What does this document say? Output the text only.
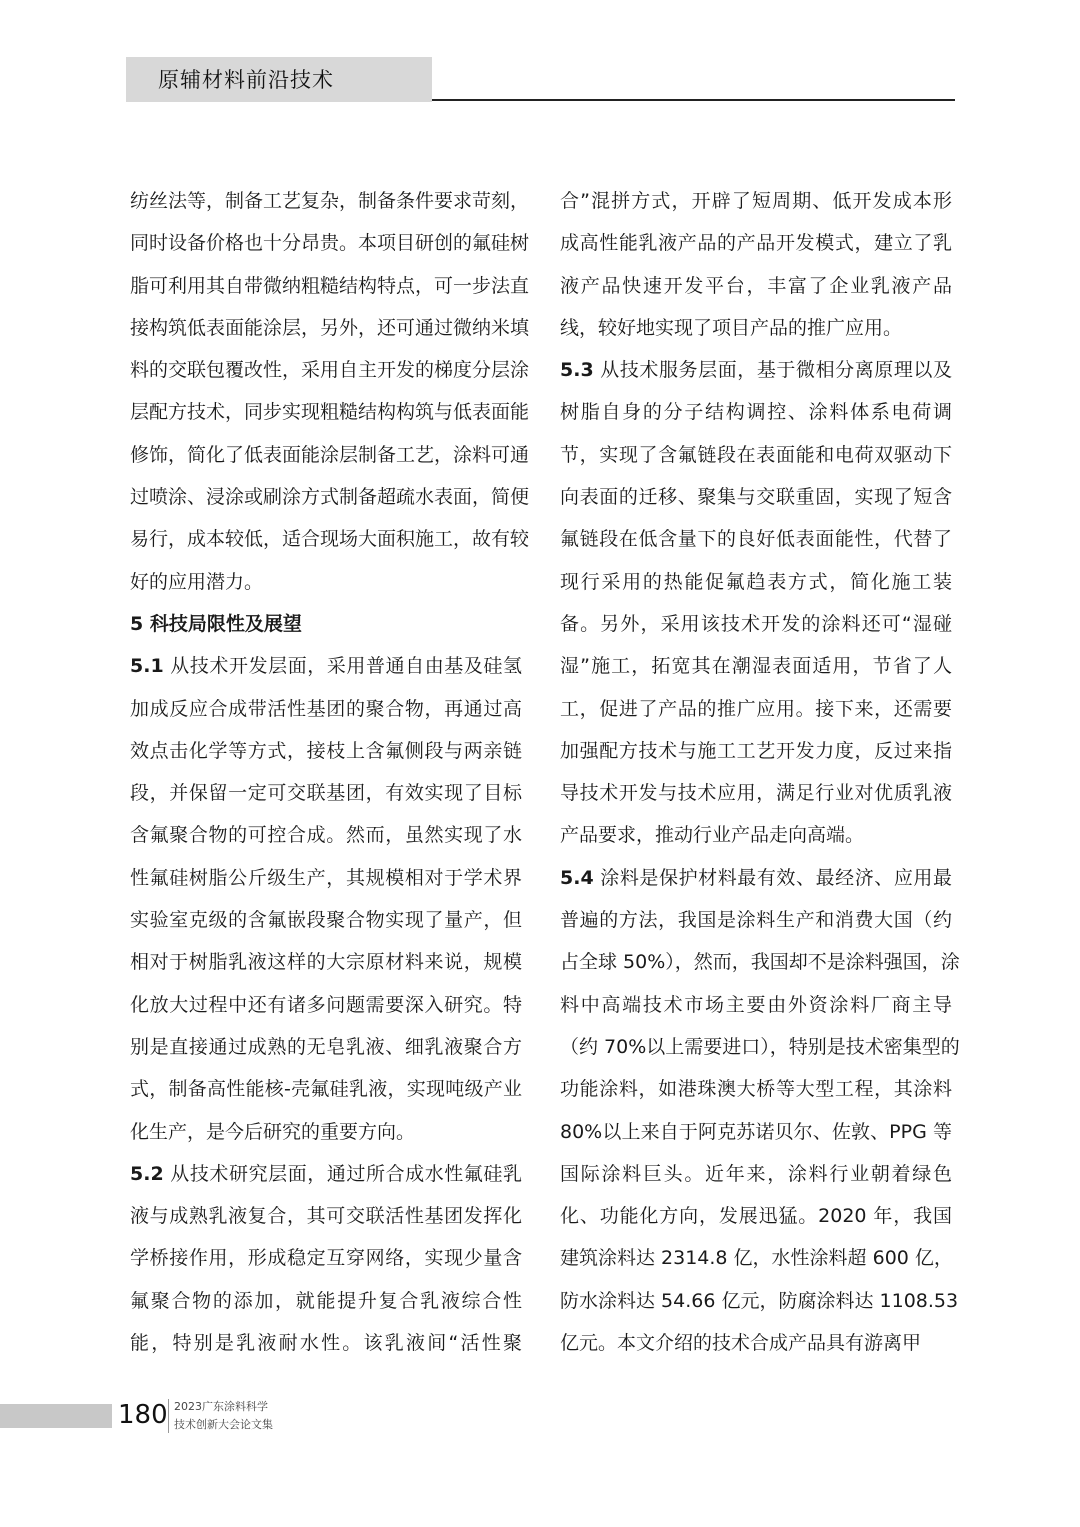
原辅材料前沿技术
纺丝法等，制备工艺复杂，制备条件要求苛刻，
同时设备价格也十分昂贵。本项目研创的氟硅树
脂可利用其自带微纳粗糙结构特点，可一步法直
接构筑低表面能涂层，另外，还可通过微纳米填
料的交联包覆改性，采用自主开发的梯度分层涂
层配方技术，同步实现粗糙结构构筑与低表面能
修饰，简化了低表面能涂层制备工艺，涂料可通
过喷涂、浸涂或刷涂方式制备超疏水表面，简便
易行，成本较低，适合现场大面积施工，故有较
好的应用潜力。
5 科技局限性及展望
5.1 从技术开发层面，采用普通自由基及硅氢
加成反应合成带活性基团的聚合物，再通过高
效点击化学等方式，接枝上含氟侧段与两亲链
段，并保留一定可交联基团，有效实现了目标
含氟聚合物的可控合成。然而，虽然实现了水
性氟硅树脂公斤级生产，其规模相对于学术界
实验室克级的含氟嵌段聚合物实现了量产，但
相对于树脂乳液这样的大宗原材料来说，规模
化放大过程中还有诸多问题需要深入研究。特
别是直接通过成熟的无皂乳液、细乳液聚合方
式，制备高性能核-壳氟硅乳液，实现吨级产业
化生产，是今后研究的重要方向。
5.2 从技术研究层面，通过所合成水性氟硅乳
液与成熟乳液复合，其可交联活性基团发挥化
学桥接作用，形成稳定互穿网络，实现少量含
氟聚合物的添加，就能提升复合乳液综合性
能，特别是乳液耐水性。该乳液间“活性聚
合”混拼方式，开辟了短周期、低开发成本形
成高性能乳液产品的产品开发模式，建立了乳
液产品快速开发平台，丰富了企业乳液产品
线，较好地实现了项目产品的推广应用。
5.3 从技术服务层面，基于微相分离原理以及
树脂自身的分子结构调控、涂料体系电荷调
节，实现了含氟链段在表面能和电荷双驱动下
向表面的迁移、聚集与交联重固，实现了短含
氟链段在低含量下的良好低表面能性，代替了
现行采用的热能促氟趋表方式，简化施工装
备。另外，采用该技术开发的涂料还可“湿碰
湿”施工，拓宽其在潮湿表面适用，节省了人
工，促进了产品的推广应用。接下来，还需要
加强配方技术与施工工艺开发力度，反过来指
导技术开发与技术应用，满足行业对优质乳液
产品要求，推动行业产品走向高端。
5.4 涂料是保护材料最有效、最经济、应用最
普遍的方法，我国是涂料生产和消费大国（约
占全球 50%），然而，我国却不是涂料强国，涂
料中高端技术市场主要由外资涂料厂商主导
（约 70%以上需要进口），特别是技术密集型的
功能涂料，如港珠澳大桥等大型工程，其涂料
80%以上来自于阿克苏诺贝尔、佐敦、PPG 等
国际涂料巨头。近年来，涂料行业朝着绿色
化、功能化方向，发展迅猛。2020 年，我国
建筑涂料达 2314.8 亿，水性涂料超 600 亿，
防水涂料达 54.66 亿元，防腐涂料达 1108.53
亿元。本文介绍的技术合成产品具有游离甲
180 2023广东涂料科学
技术创新大会论文集
